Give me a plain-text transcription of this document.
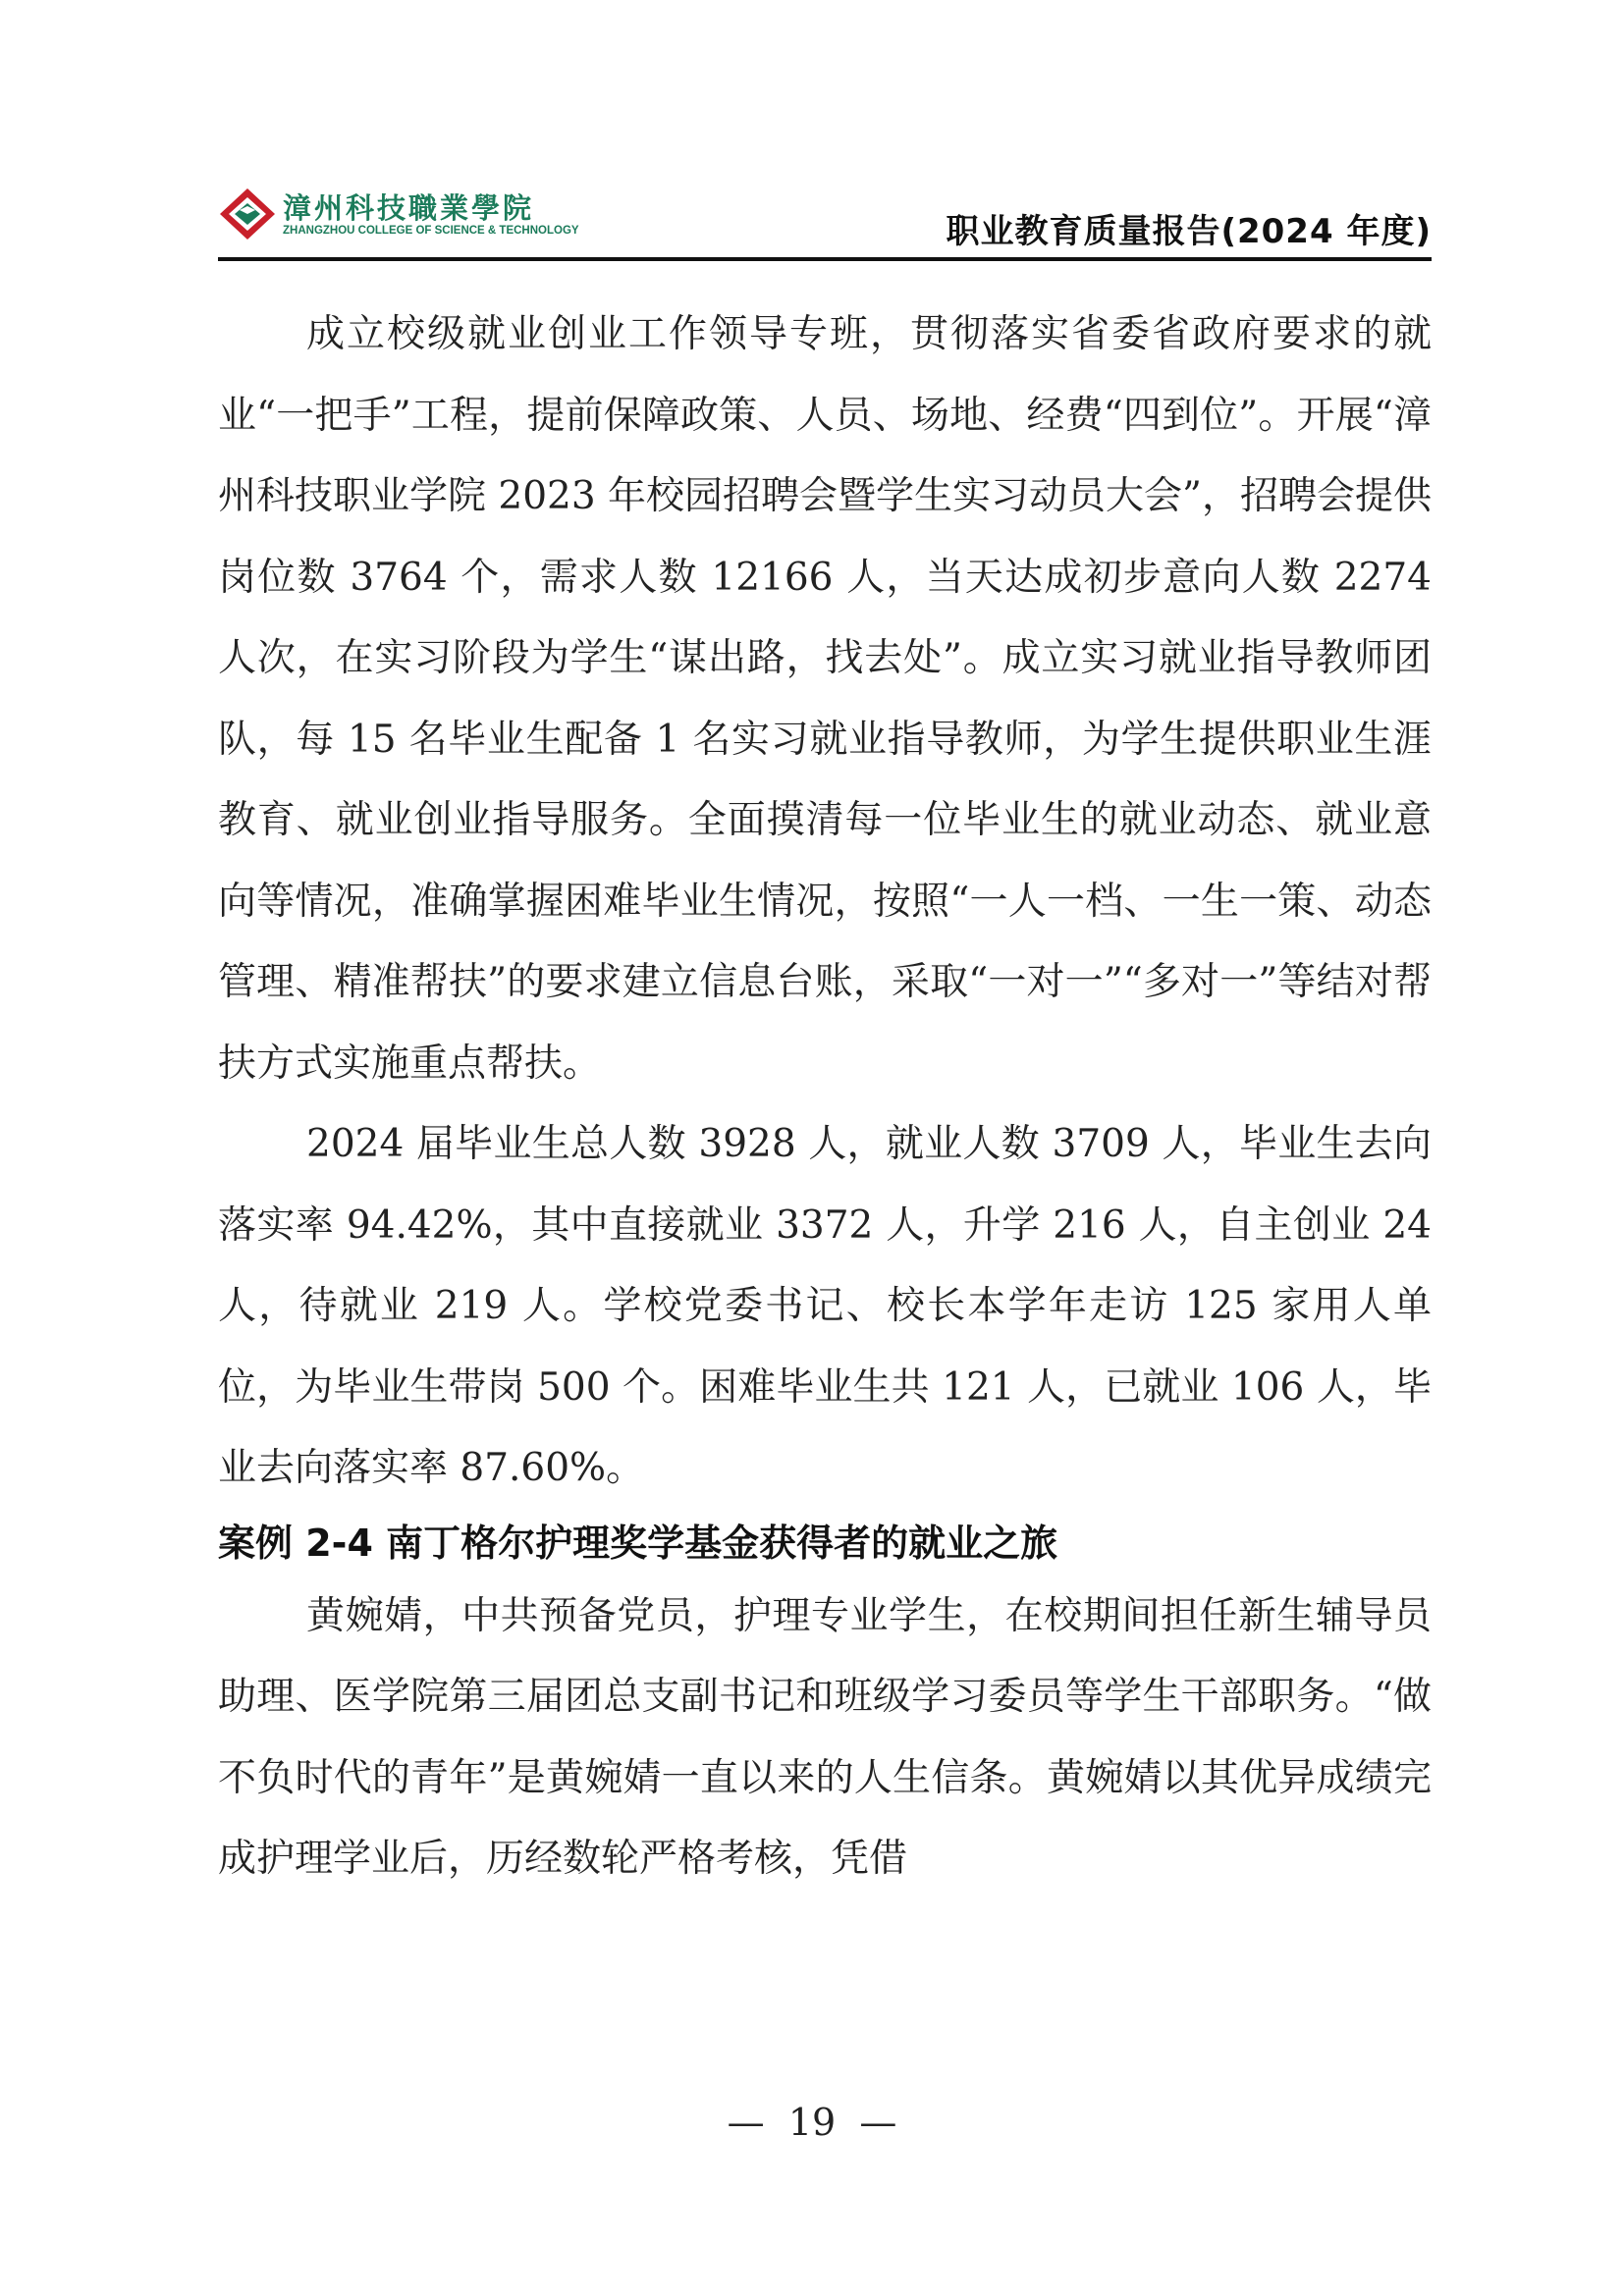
漳州科技職業學院
ZHANGZHOU COLLEGE OF SCIENCE & TECHNOLOGY	职业教育质量报告(2024 年度)

成立校级就业创业工作领导专班，贯彻落实省委省政府要求的就业“一把手”工程，提前保障政策、人员、场地、经费“四到位”。开展“漳州科技职业学院 2023 年校园招聘会暨学生实习动员大会”，招聘会提供岗位数 3764 个，需求人数 12166 人，当天达成初步意向人数 2274 人次，在实习阶段为学生“谋出路，找去处”。成立实习就业指导教师团队，每 15 名毕业生配备 1 名实习就业指导教师，为学生提供职业生涯教育、就业创业指导服务。全面摸清每一位毕业生的就业动态、就业意向等情况，准确掌握困难毕业生情况，按照“一人一档、一生一策、动态管理、精准帮扶”的要求建立信息台账，采取“一对一”“多对一”等结对帮扶方式实施重点帮扶。

2024 届毕业生总人数 3928 人，就业人数 3709 人，毕业生去向落实率 94.42%，其中直接就业 3372 人，升学 216 人，自主创业 24 人，待就业 219 人。学校党委书记、校长本学年走访 125 家用人单位，为毕业生带岗 500 个。困难毕业生共 121 人，已就业 106 人，毕业去向落实率 87.60%。

案例 2-4 南丁格尔护理奖学基金获得者的就业之旅

黄婉婧，中共预备党员，护理专业学生，在校期间担任新生辅导员助理、医学院第三届团总支副书记和班级学习委员等学生干部职务。“做不负时代的青年”是黄婉婧一直以来的人生信条。黄婉婧以其优异成绩完成护理学业后，历经数轮严格考核，凭借

—  19  —
